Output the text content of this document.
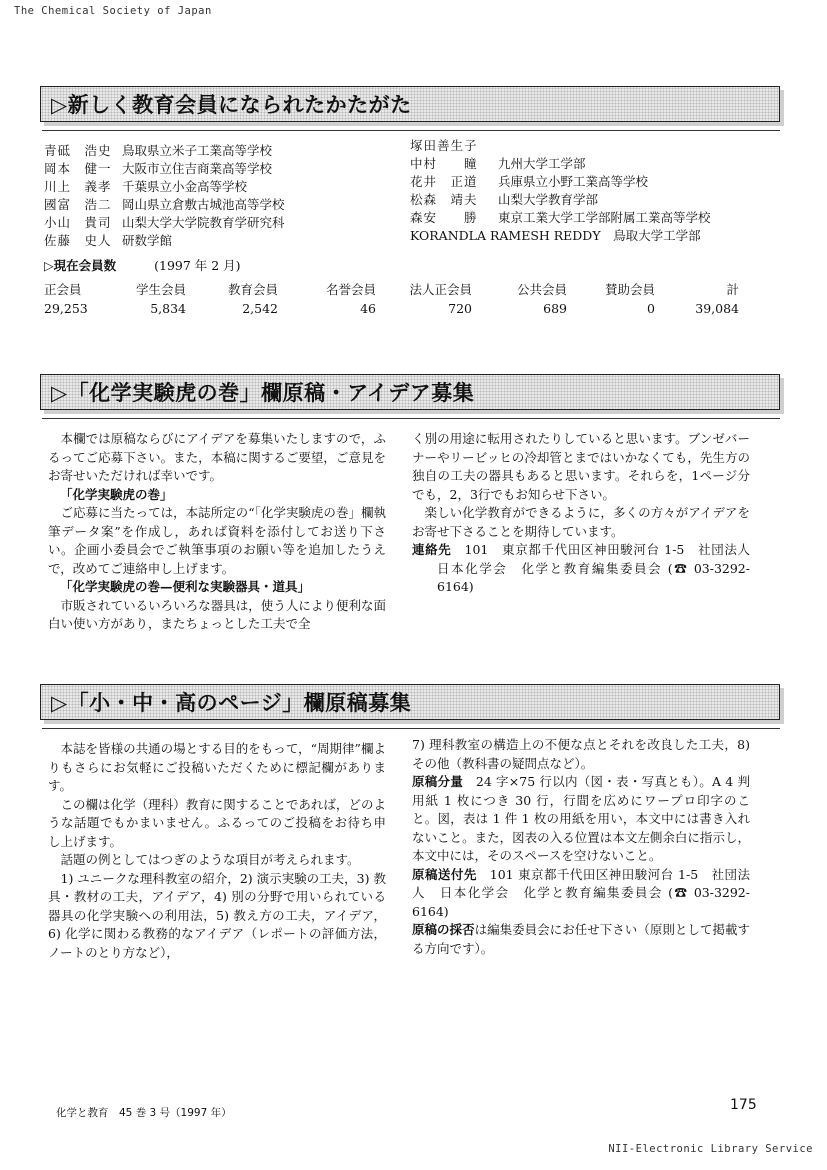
The Chemical Society of Japan
▷新しく教育会員になられたかたがた
青砥　浩史 鳥取県立米子工業高等学校
岡本　健一 大阪市立住吉商業高等学校
川上　義孝 千葉県立小金高等学校
國富　浩二 岡山県立倉敷古城池高等学校
小山　貴司 山梨大学大学院教育学研究科
佐藤　史人 研数学館
塚田善生子
中村　　瞳	九州大学工学部
花井　正道	兵庫県立小野工業高等学校
松森　靖夫	山梨大学教育学部
森安　　勝	東京工業大学工学部附属工業高等学校
KORANDLA RAMESH REDDY　鳥取大学工学部
▷現在会員数	(1997 年 2 月)
正会員	学生会員	教育会員	名誉会員	法人正会員	公共会員	賛助会員	計
29,253	5,834	2,542	46	720	689	0	39,084
▷「化学実験虎の巻」欄原稿・アイデア募集

本欄では原稿ならびにアイデアを募集いたしますので，ふるってご応募下さい。また，本稿に関するご要望，ご意見をお寄せいただければ幸いです。

「化学実験虎の巻」

ご応募に当たっては，本誌所定の“「化学実験虎の巻」欄執筆データ案”を作成し，あれば資料を添付してお送り下さい。企画小委員会でご執筆事項のお願い等を追加したうえで，改めてご連絡申し上げます。

「化学実験虎の巻—便利な実験器具・道具」

市販されているいろいろな器具は，使う人により便利な面白い使い方があり，またちょっとした工夫で全

く別の用途に転用されたりしていると思います。ブンゼバーナーやリービッヒの冷却管とまではいかなくても，先生方の独自の工夫の器具もあると思います。それらを，1ページ分でも，2，3行でもお知らせ下さい。

楽しい化学教育ができるように，多くの方々がアイデアをお寄せ下さることを期待しています。

連絡先　 101　東京都千代田区神田駿河台 1-5　社団法人　日本化学会　化学と教育編集委員会 (☎ 03-3292-6164)

▷「小・中・高のページ」欄原稿募集

本誌を皆様の共通の場とする目的をもって，“周期律”欄よりもさらにお気軽にご投稿いただくために標記欄があります。

この欄は化学（理科）教育に関することであれば，どのような話題でもかまいません。ふるってのご投稿をお待ち申し上げます。

話題の例としてはつぎのような項目が考えられます。

1) ユニークな理科教室の紹介，2) 演示実験の工夫，3) 教具・教材の工夫，アイデア，4) 別の分野で用いられている器具の化学実験への利用法，5) 教え方の工夫，アイデア，6) 化学に関わる教務的なアイデア（レポートの評価方法，ノートのとり方など），

7) 理科教室の構造上の不便な点とそれを改良した工夫，8) その他（教科書の疑問点など）。

原稿分量　 24 字×75 行以内（図・表・写真とも）。A 4 判用紙 1 枚につき 30 行，行間を広めにワープロ印字のこと。図，表は 1 件 1 枚の用紙を用い，本文中には書き入れないこと。また，図表の入る位置は本文左側余白に指示し，本文中には，そのスペースを空けないこと。

原稿送付先　 101 東京都千代田区神田駿河台 1-5　社団法人　日本化学会　化学と教育編集委員会 (☎ 03-3292-6164)

原稿の採否は編集委員会にお任せ下さい（原則として掲載する方向です）。

化学と教育　45 巻 3 号（1997 年）	175
NII-Electronic Library Service
